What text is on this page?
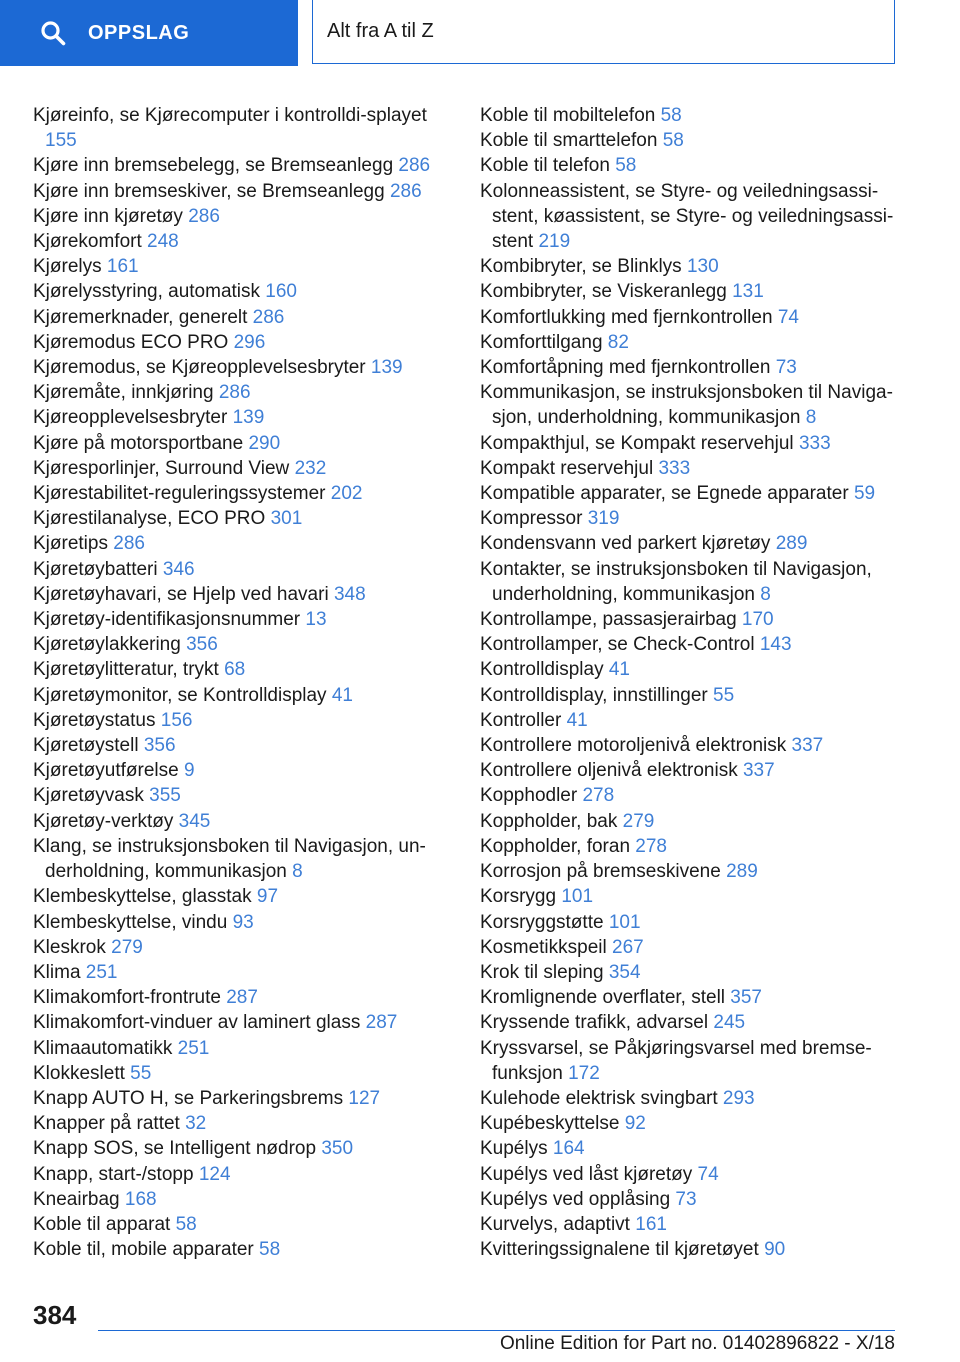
OPPSLAG	Alt fra A til Z
Kjøreinfo, se Kjørecomputer i kontrolldi-splayet 155
Kjøre inn bremsebelegg, se Bremseanlegg 286
Kjøre inn bremseskiver, se Bremseanlegg 286
Kjøre inn kjøretøy 286
Kjørekomfort 248
Kjørelys 161
Kjørelysstyring, automatisk 160
Kjøremerknader, generelt 286
Kjøremodus ECO PRO 296
Kjøremodus, se Kjøreopplevelsesbryter 139
Kjøremåte, innkjøring 286
Kjøreopplevelsesbryter 139
Kjøre på motorsportbane 290
Kjøresporlinjer, Surround View 232
Kjørestabilitet-reguleringssystemer 202
Kjørestilanalyse, ECO PRO 301
Kjøretips 286
Kjøretøybatteri 346
Kjøretøyhavari, se Hjelp ved havari 348
Kjøretøy-identifikasjonsnummer 13
Kjøretøylakkering 356
Kjøretøylitteratur, trykt 68
Kjøretøymonitor, se Kontrolldisplay 41
Kjøretøystatus 156
Kjøretøystell 356
Kjøretøyutførelse 9
Kjøretøyvask 355
Kjøretøy-verktøy 345
Klang, se instruksjonsboken til Navigasjon, un-derholdning, kommunikasjon 8
Klembeskyttelse, glasstak 97
Klembeskyttelse, vindu 93
Kleskrok 279
Klima 251
Klimakomfort-frontrute 287
Klimakomfort-vinduer av laminert glass 287
Klimaautomatikk 251
Klokkeslett 55
Knapp AUTO H, se Parkeringsbrems 127
Knapper på rattet 32
Knapp SOS, se Intelligent nødrop 350
Knapp, start-/stopp 124
Kneairbag 168
Koble til apparat 58
Koble til, mobile apparater 58
Koble til mobiltelefon 58
Koble til smarttelefon 58
Koble til telefon 58
Kolonneassistent, se Styre- og veiledningsassi-stent, køassistent, se Styre- og veiledningsassi-stent 219
Kombibryter, se Blinklys 130
Kombibryter, se Viskeranlegg 131
Komfortlukking med fjernkontrollen 74
Komforttilgang 82
Komfortåpning med fjernkontrollen 73
Kommunikasjon, se instruksjonsboken til Naviga-sjon, underholdning, kommunikasjon 8
Kompakthjul, se Kompakt reservehjul 333
Kompakt reservehjul 333
Kompatible apparater, se Egnede apparater 59
Kompressor 319
Kondensvann ved parkert kjøretøy 289
Kontakter, se instruksjonsboken til Navigasjon, underholdning, kommunikasjon 8
Kontrollampe, passasjerairbag 170
Kontrollamper, se Check-Control 143
Kontrolldisplay 41
Kontrolldisplay, innstillinger 55
Kontroller 41
Kontrollere motoroljenivå elektronisk 337
Kontrollere oljenivå elektronisk 337
Kopphodler 278
Koppholder, bak 279
Koppholder, foran 278
Korrosjon på bremseskivene 289
Korsrygg 101
Korsryggstøtte 101
Kosmetikkspeil 267
Krok til sleping 354
Kromlignende overflater, stell 357
Kryssende trafikk, advarsel 245
Kryssvarsel, se Påkjøringsvarsel med bremse-funksjon 172
Kulehode elektrisk svingbart 293
Kupébeskyttelse 92
Kupélys 164
Kupélys ved låst kjøretøy 74
Kupélys ved opplåsing 73
Kurvelys, adaptivt 161
Kvitteringssignalene til kjøretøyet 90
384
Online Edition for Part no. 01402896822 - X/18
